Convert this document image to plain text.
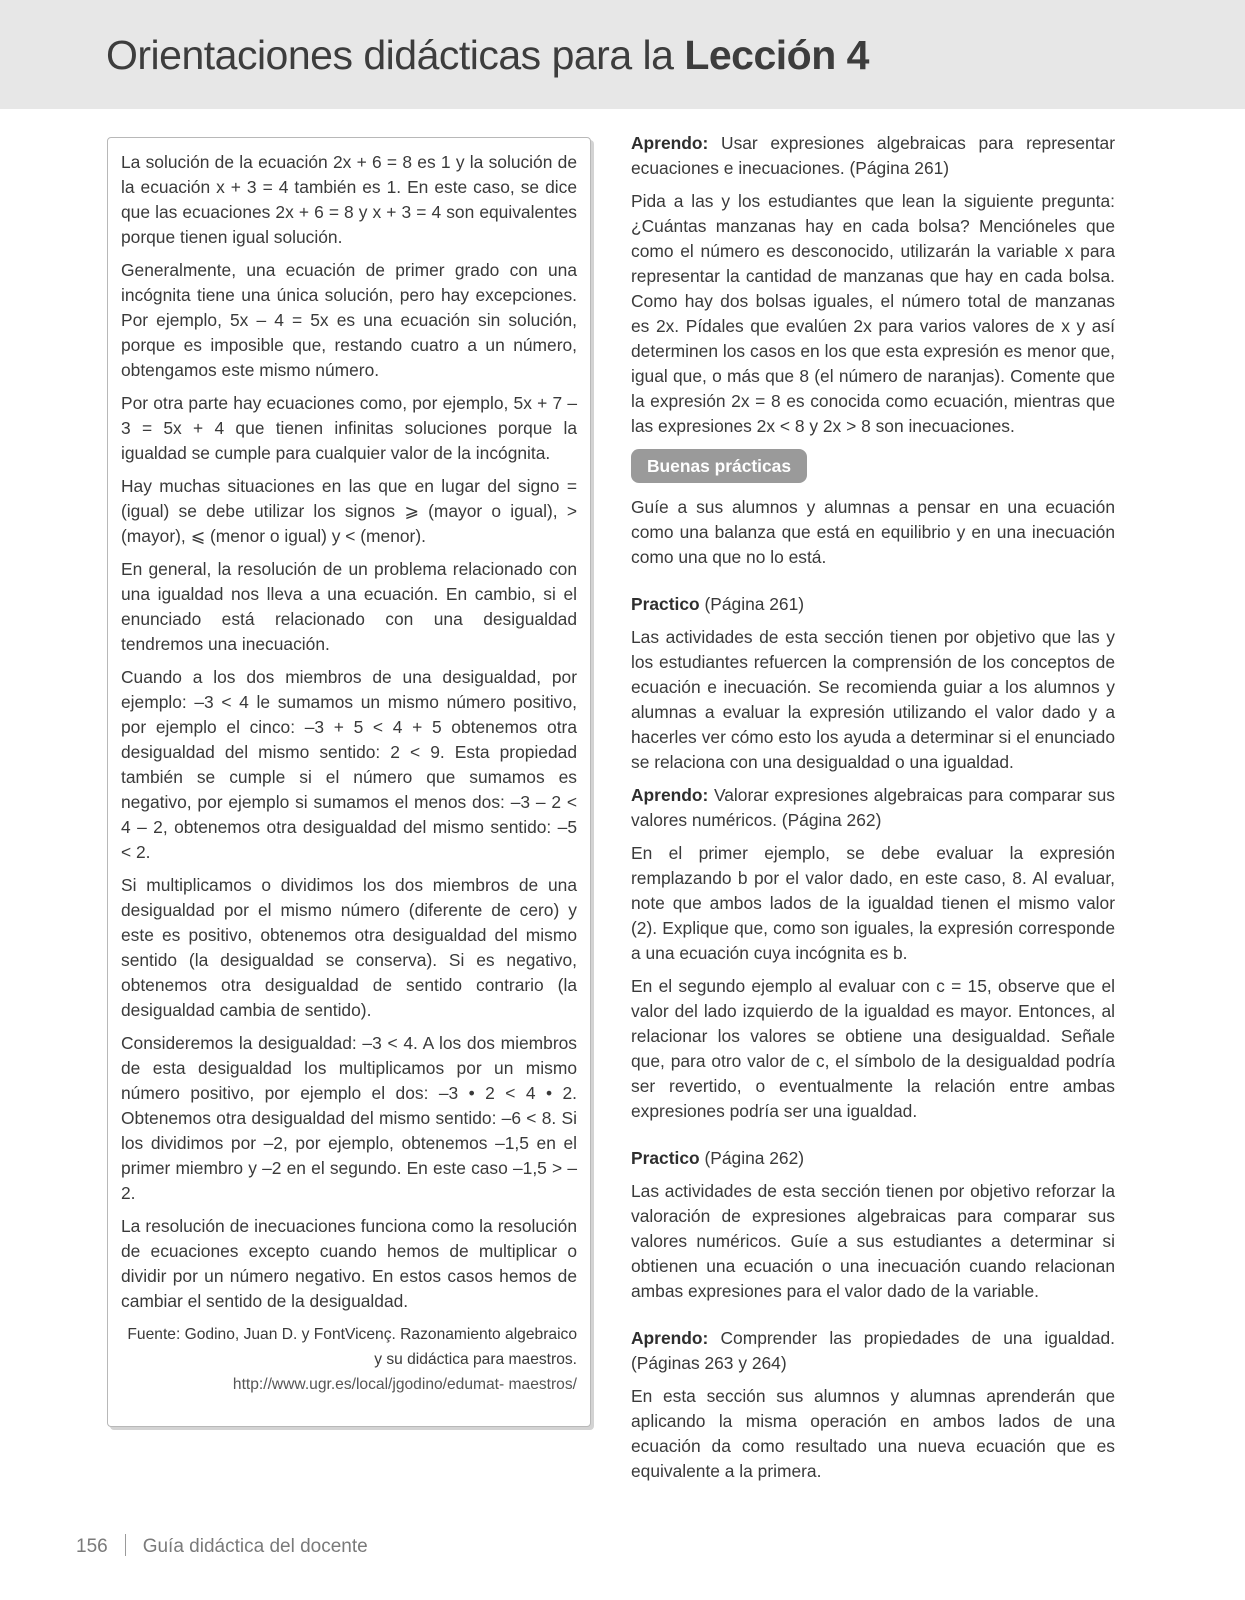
Orientaciones didácticas para la Lección 4

La solución de la ecuación 2x + 6 = 8 es 1 y la solución de la ecuación x + 3 = 4 también es 1. En este caso, se dice que las ecuaciones 2x + 6 = 8 y x + 3 = 4 son equivalentes porque tienen igual solución.

Generalmente, una ecuación de primer grado con una incógnita tiene una única solución, pero hay excepciones. Por ejemplo, 5x – 4 = 5x es una ecuación sin solución, porque es imposible que, restando cuatro a un número, obtengamos este mismo número.

Por otra parte hay ecuaciones como, por ejemplo, 5x + 7 – 3 = 5x + 4 que tienen infinitas soluciones porque la igualdad se cumple para cualquier valor de la incógnita.

Hay muchas situaciones en las que en lugar del signo = (igual) se debe utilizar los signos ⩾ (mayor o igual), > (mayor), ⩽ (menor o igual) y < (menor).

En general, la resolución de un problema relacionado con una igualdad nos lleva a una ecuación. En cambio, si el enunciado está relacionado con una desigualdad tendremos una inecuación.

Cuando a los dos miembros de una desigualdad, por ejemplo: –3 < 4 le sumamos un mismo número positivo, por ejemplo el cinco: –3 + 5 < 4 + 5 obtenemos otra desigualdad del mismo sentido: 2 < 9. Esta propiedad también se cumple si el número que sumamos es negativo, por ejemplo si sumamos el menos dos: –3 – 2 < 4 – 2, obtenemos otra desigualdad del mismo sentido: –5 < 2.

Si multiplicamos o dividimos los dos miembros de una desigualdad por el mismo número (diferente de cero) y este es positivo, obtenemos otra desigualdad del mismo sentido (la desigualdad se conserva). Si es negativo, obtenemos otra desigualdad de sentido contrario (la desigualdad cambia de sentido).

Consideremos la desigualdad: –3 < 4. A los dos miembros de esta desigualdad los multiplicamos por un mismo número positivo, por ejemplo el dos: –3 • 2 < 4 • 2. Obtenemos otra desigualdad del mismo sentido: –6 < 8. Si los dividimos por –2, por ejemplo, obtenemos –1,5 en el primer miembro y –2 en el segundo. En este caso –1,5 > –2.

La resolución de inecuaciones funciona como la resolución de ecuaciones excepto cuando hemos de multiplicar o dividir por un número negativo. En estos casos hemos de cambiar el sentido de la desigualdad.

Fuente: Godino, Juan D. y FontVicenç. Razonamiento algebraico y su didáctica para maestros.

http://www.ugr.es/local/jgodino/edumat- maestros/

Aprendo: Usar expresiones algebraicas para representar ecuaciones e inecuaciones. (Página 261)

Pida a las y los estudiantes que lean la siguiente pregunta: ¿Cuántas manzanas hay en cada bolsa? Mencióneles que como el número es desconocido, utilizarán la variable x para representar la cantidad de manzanas que hay en cada bolsa. Como hay dos bolsas iguales, el número total de manzanas es 2x. Pídales que evalúen 2x para varios valores de x y así determinen los casos en los que esta expresión es menor que, igual que, o más que 8 (el número de naranjas). Comente que la expresión 2x = 8 es conocida como ecuación, mientras que las expresiones 2x < 8 y 2x > 8 son inecuaciones.

Buenas prácticas

Guíe a sus alumnos y alumnas a pensar en una ecuación como una balanza que está en equilibrio y en una inecuación como una que no lo está.

Practico (Página 261)

Las actividades de esta sección tienen por objetivo que las y los estudiantes refuercen la comprensión de los conceptos de ecuación e inecuación. Se recomienda guiar a los alumnos y alumnas a evaluar la expresión utilizando el valor dado y a hacerles ver cómo esto los ayuda a determinar si el enunciado se relaciona con una desigualdad o una igualdad.

Aprendo: Valorar expresiones algebraicas para comparar sus valores numéricos. (Página 262)

En el primer ejemplo, se debe evaluar la expresión remplazando b por el valor dado, en este caso, 8. Al evaluar, note que ambos lados de la igualdad tienen el mismo valor (2). Explique que, como son iguales, la expresión corresponde a una ecuación cuya incógnita es b.

En el segundo ejemplo al evaluar con c = 15, observe que el valor del lado izquierdo de la igualdad es mayor. Entonces, al relacionar los valores se obtiene una desigualdad. Señale que, para otro valor de c, el símbolo de la desigualdad podría ser revertido, o eventualmente la relación entre ambas expresiones podría ser una igualdad.

Practico (Página 262)

Las actividades de esta sección tienen por objetivo reforzar la valoración de expresiones algebraicas para comparar sus valores numéricos. Guíe a sus estudiantes a determinar si obtienen una ecuación o una inecuación cuando relacionan ambas expresiones para el valor dado de la variable.

Aprendo: Comprender las propiedades de una igualdad. (Páginas 263 y 264)

En esta sección sus alumnos y alumnas aprenderán que aplicando la misma operación en ambos lados de una ecuación da como resultado una nueva ecuación que es equivalente a la primera.

156 Guía didáctica del docente
